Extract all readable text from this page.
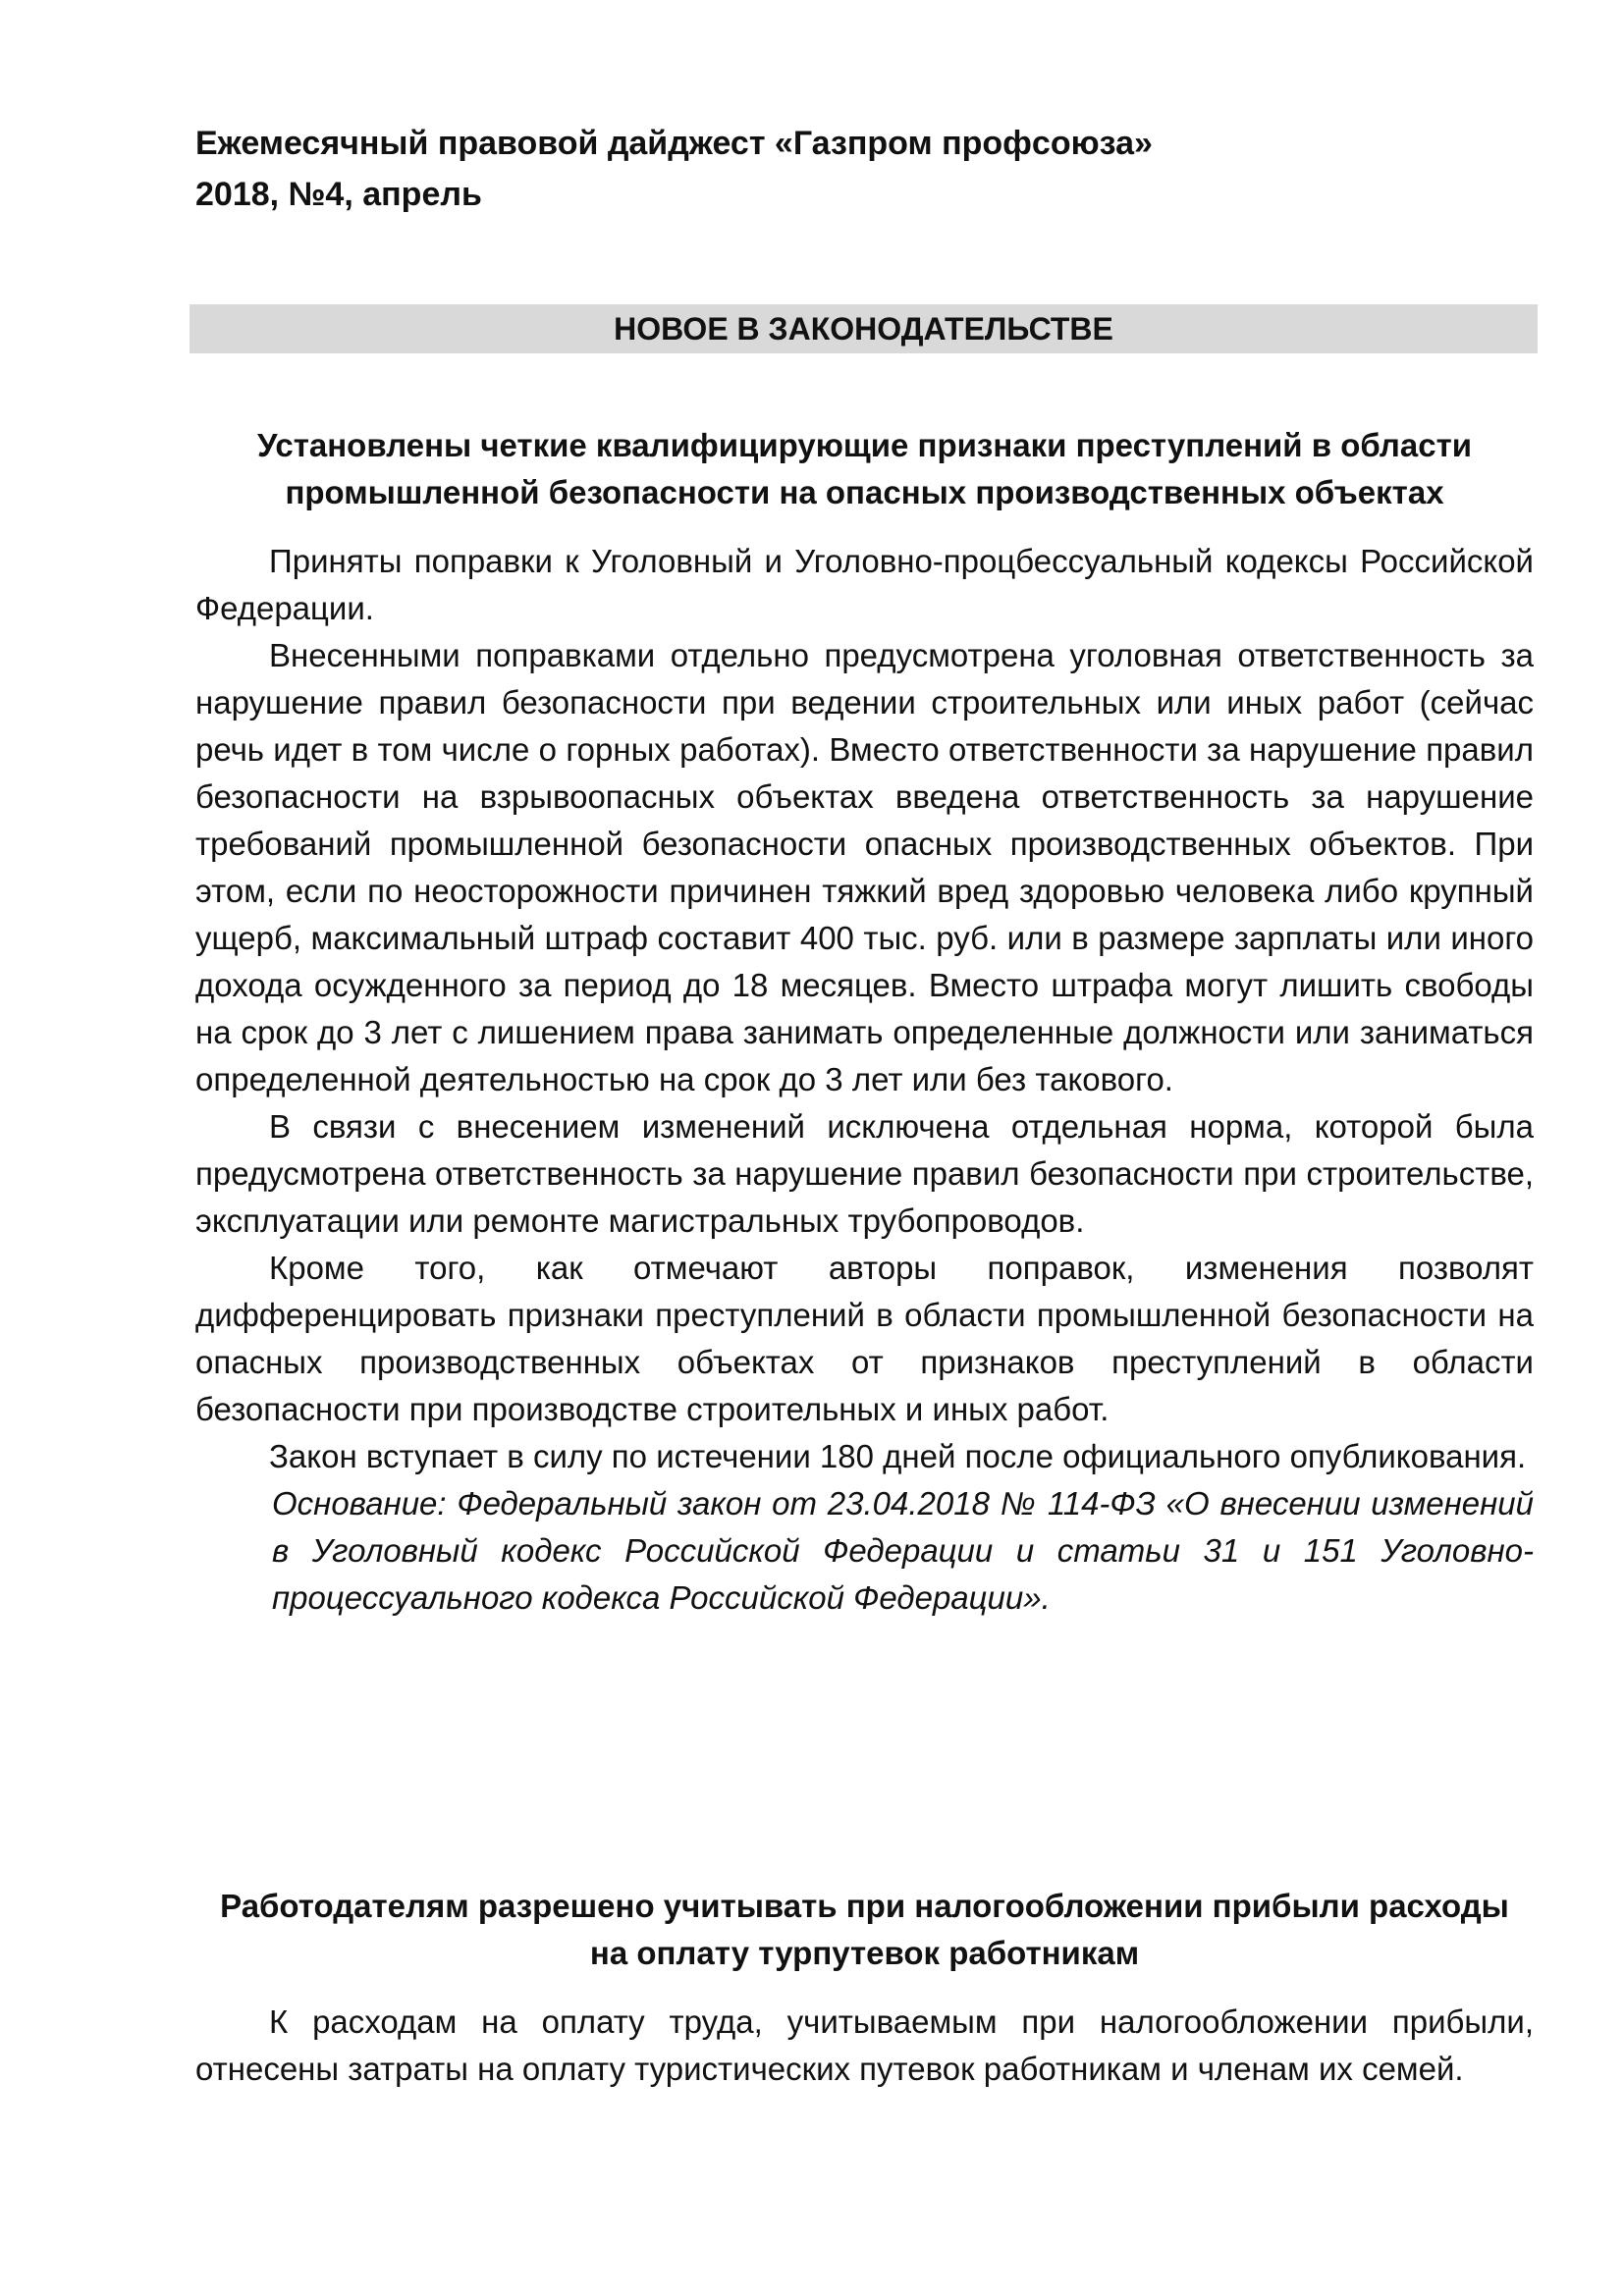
Ежемесячный правовой дайджест «Газпром профсоюза»
2018, №4, апрель
НОВОЕ В ЗАКОНОДАТЕЛЬСТВЕ
Установлены четкие квалифицирующие признаки преступлений в области
промышленной безопасности на опасных производственных объектах

Приняты поправки к Уголовный и Уголовно-процбессуальный кодексы Российской Федерации.

Внесенными поправками отдельно предусмотрена уголовная ответственность за нарушение правил безопасности при ведении строительных или иных работ (сейчас речь идет в том числе о горных работах). Вместо ответственности за нарушение правил безопасности на взрывоопасных объектах введена ответственность за нарушение требований промышленной безопасности опасных производственных объектов. При этом, если по неосторожности причинен тяжкий вред здоровью человека либо крупный ущерб, максимальный штраф составит 400 тыс. руб. или в размере зарплаты или иного дохода осужденного за период до 18 месяцев. Вместо штрафа могут лишить свободы на срок до 3 лет с лишением права занимать определенные должности или заниматься определенной деятельностью на срок до 3 лет или без такового.

В связи с внесением изменений исключена отдельная норма, которой была предусмотрена ответственность за нарушение правил безопасности при строительстве, эксплуатации или ремонте магистральных трубопроводов.

Кроме того, как отмечают авторы поправок, изменения позволят дифференцировать признаки преступлений в области промышленной безопасности на опасных производственных объектах от признаков преступлений в области безопасности при производстве строительных и иных работ.

Закон вступает в силу по истечении 180 дней после официального опубликования.

Основание: Федеральный закон от 23.04.2018 № 114-ФЗ «О внесении изменений в Уголовный кодекс Российской Федерации и статьи 31 и 151 Уголовно-процессуального кодекса Российской Федерации».

Работодателям разрешено учитывать при налогообложении прибыли расходы
на оплату турпутевок работникам

К расходам на оплату труда, учитываемым при налогообложении прибыли, отнесены затраты на оплату туристических путевок работникам и членам их семей.
